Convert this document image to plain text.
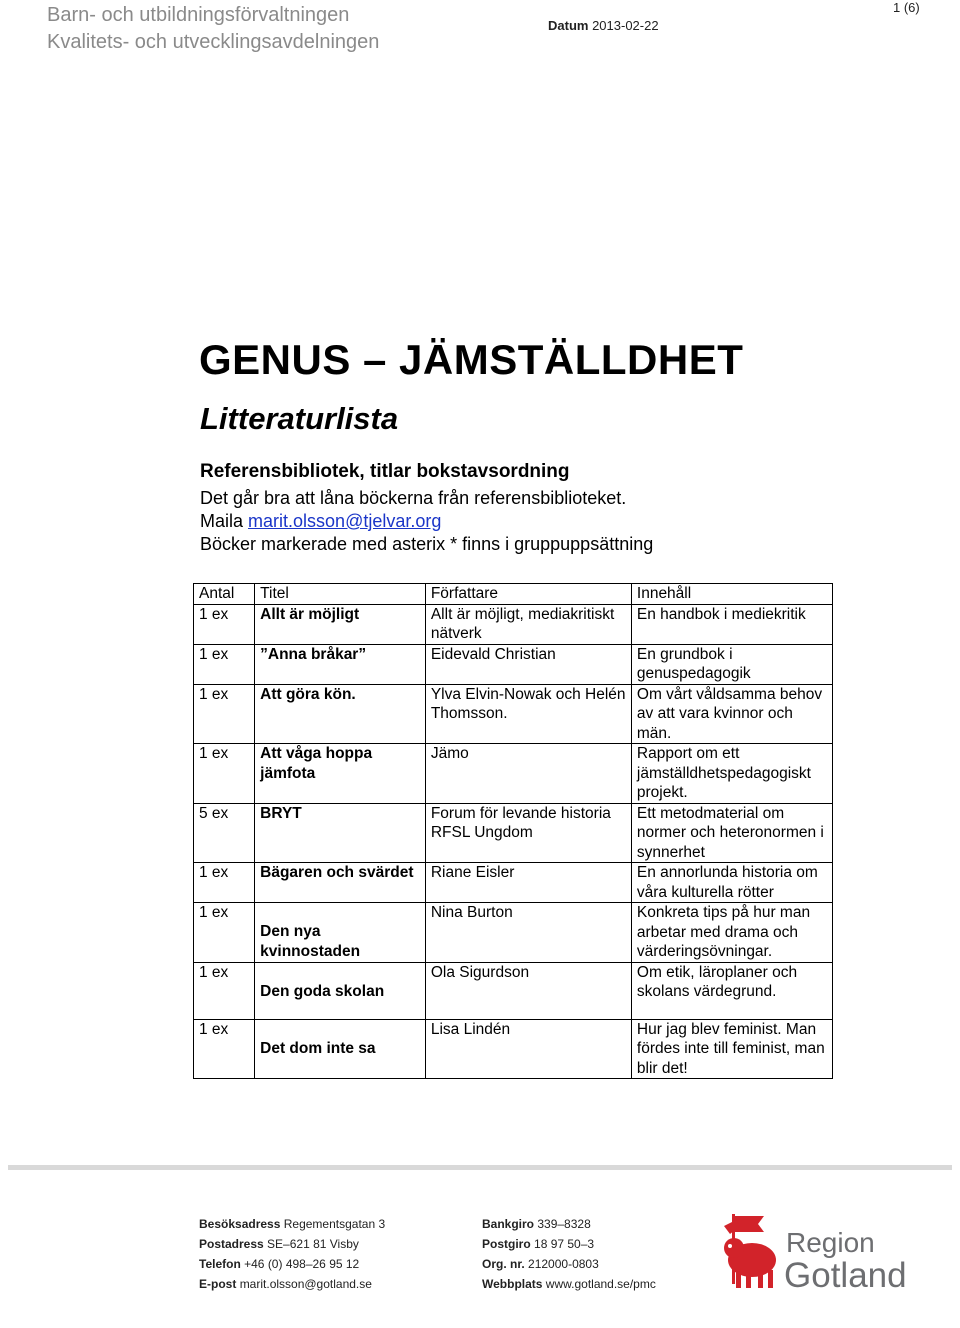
Barn- och utbildningsförvaltningen
Kvalitets- och utvecklingsavdelningen
Datum 2013-02-22
1 (6)
GENUS – JÄMSTÄLLDHET
Litteraturlista
Referensbibliotek, titlar bokstavsordning
Det går bra att låna böckerna från referensbiblioteket.
Maila marit.olsson@tjelvar.org
Böcker markerade med asterix * finns i gruppuppsättning
Antal	Titel	Författare	Innehåll
1 ex	Allt är möjligt	Allt är möjligt, mediakritiskt nätverk	En handbok i mediekritik
1 ex	”Anna bråkar”	Eidevald Christian	En grundbok i genuspedagogik
1 ex	Att göra kön.	Ylva Elvin-Nowak och Helén Thomsson.	Om vårt våldsamma behov av att vara kvinnor och män.
1 ex	Att våga hoppa jämfota	Jämo	Rapport om ett jämställdhetspedagogiskt projekt.
5 ex	BRYT	Forum för levande historia RFSL Ungdom	Ett metodmaterial om normer och heteronormen i synnerhet
1 ex	Bägaren och svärdet	Riane Eisler	En annorlunda historia om våra kulturella rötter
1 ex	Den nya kvinnostaden	Nina Burton	Konkreta tips på hur man arbetar med drama och värderingsövningar.
1 ex	Den goda skolan	Ola Sigurdson	Om etik, läroplaner och skolans värdegrund.
1 ex	Det dom inte sa	Lisa Lindén	Hur jag blev feminist. Man fördes inte till feminist, man blir det!
Besöksadress Regementsgatan 3
Postadress SE–621 81 Visby
Telefon +46 (0) 498–26 95 12
E-post marit.olsson@gotland.se
Bankgiro 339–8328
Postgiro 18 97 50–3
Org. nr. 212000-0803
Webbplats www.gotland.se/pmc
Region
Gotland
